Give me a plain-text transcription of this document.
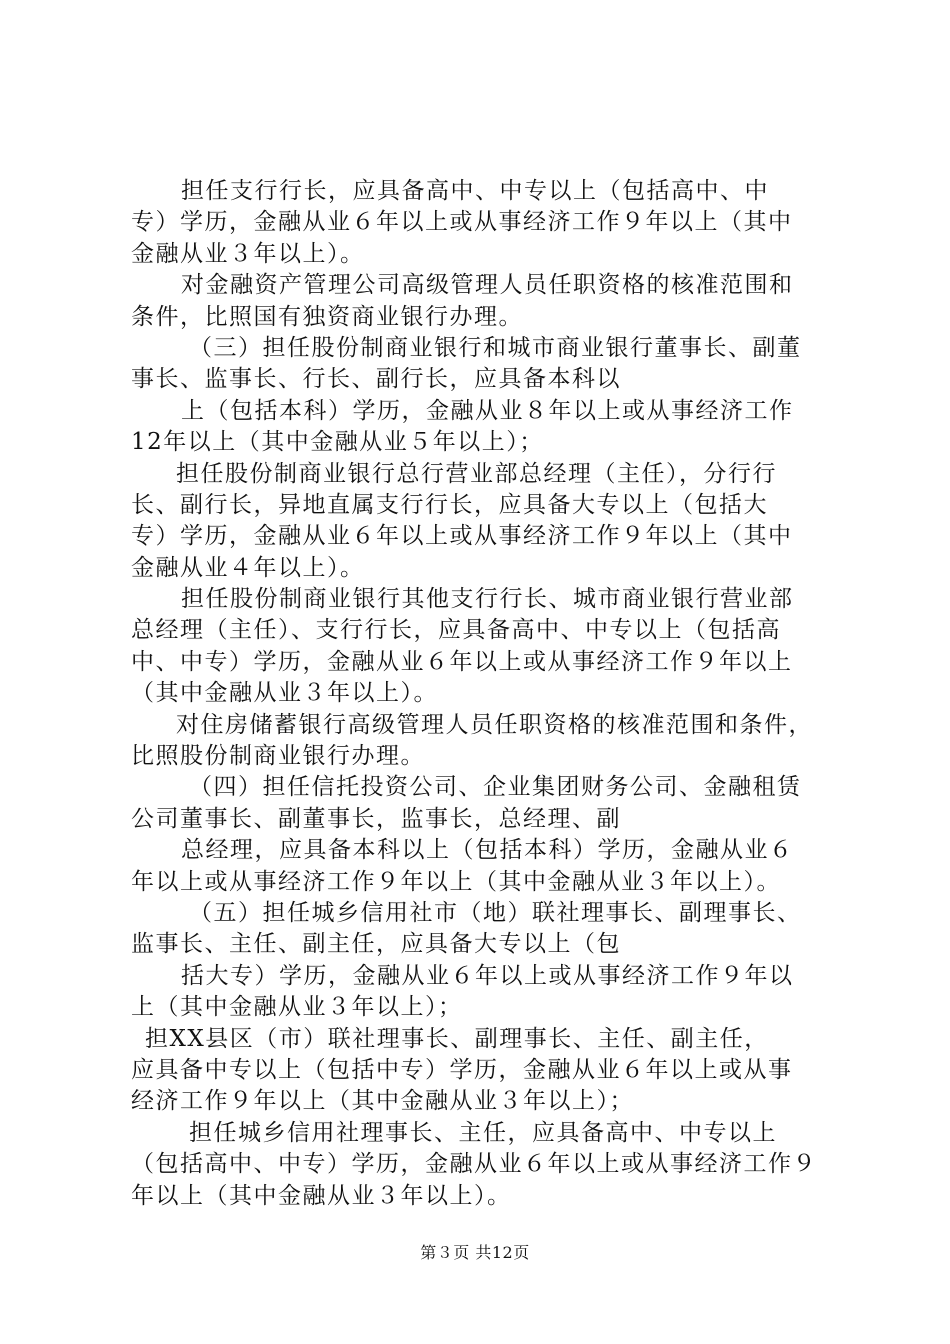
担任支行行长，应具备高中、中专以上（包括高中、中
专）学历，金融从业６年以上或从事经济工作９年以上（其中
金融从业３年以上）。
对金融资产管理公司高级管理人员任职资格的核准范围和
条件，比照国有独资商业银行办理。
（三）担任股份制商业银行和城市商业银行董事长、副董
事长、监事长、行长、副行长，应具备本科以
上（包括本科）学历，金融从业８年以上或从事经济工作
12年以上（其中金融从业５年以上）；
担任股份制商业银行总行营业部总经理（主任），分行行
长、副行长，异地直属支行行长，应具备大专以上（包括大
专）学历，金融从业６年以上或从事经济工作９年以上（其中
金融从业４年以上）。
担任股份制商业银行其他支行行长、城市商业银行营业部
总经理（主任）、支行行长，应具备高中、中专以上（包括高
中、中专）学历，金融从业６年以上或从事经济工作９年以上
（其中金融从业３年以上）。
对住房储蓄银行高级管理人员任职资格的核准范围和条件，
比照股份制商业银行办理。
（四）担任信托投资公司、企业集团财务公司、金融租赁
公司董事长、副董事长，监事长，总经理、副
总经理，应具备本科以上（包括本科）学历，金融从业６
年以上或从事经济工作９年以上（其中金融从业３年以上）。
（五）担任城乡信用社市（地）联社理事长、副理事长、
监事长、主任、副主任，应具备大专以上（包
括大专）学历，金融从业６年以上或从事经济工作９年以
上（其中金融从业３年以上）；
担XX县区（市）联社理事长、副理事长、主任、副主任，
应具备中专以上（包括中专）学历，金融从业６年以上或从事
经济工作９年以上（其中金融从业３年以上）；
担任城乡信用社理事长、主任，应具备高中、中专以上
（包括高中、中专）学历，金融从业６年以上或从事经济工作９
年以上（其中金融从业３年以上）。
第３页 共12页
